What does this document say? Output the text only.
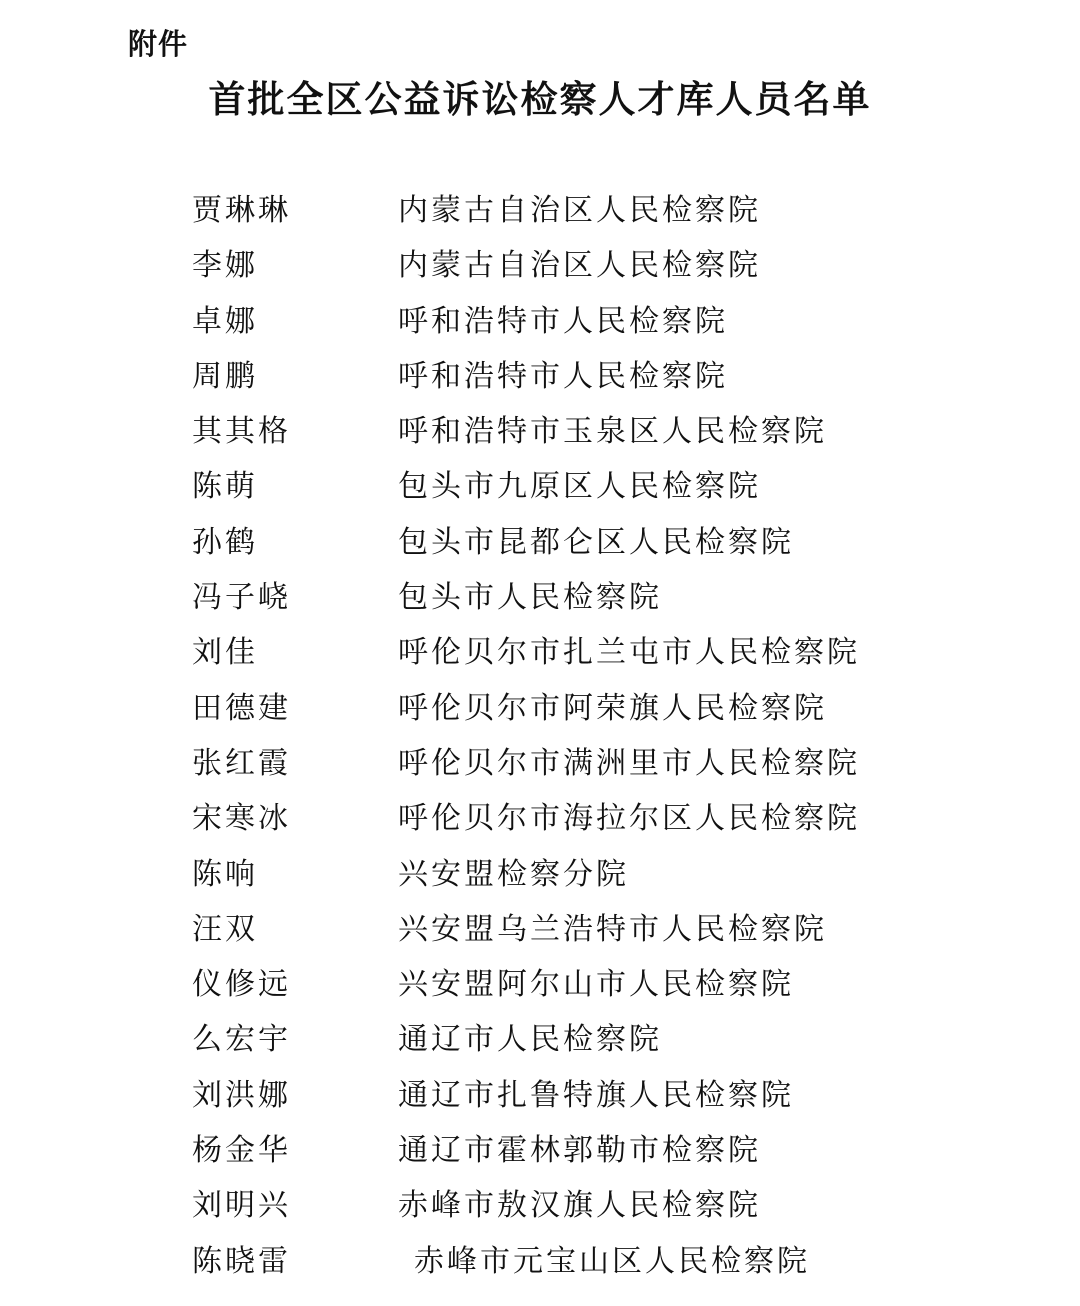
附件
首批全区公益诉讼检察人才库人员名单
贾琳琳	内蒙古自治区人民检察院
李娜	内蒙古自治区人民检察院
卓娜	呼和浩特市人民检察院
周鹏	呼和浩特市人民检察院
其其格	呼和浩特市玉泉区人民检察院
陈萌	包头市九原区人民检察院
孙鹤	包头市昆都仑区人民检察院
冯子峣	包头市人民检察院
刘佳	呼伦贝尔市扎兰屯市人民检察院
田德建	呼伦贝尔市阿荣旗人民检察院
张红霞	呼伦贝尔市满洲里市人民检察院
宋寒冰	呼伦贝尔市海拉尔区人民检察院
陈响	兴安盟检察分院
汪双	兴安盟乌兰浩特市人民检察院
仪修远	兴安盟阿尔山市人民检察院
么宏宇	通辽市人民检察院
刘洪娜	通辽市扎鲁特旗人民检察院
杨金华	通辽市霍林郭勒市检察院
刘明兴	赤峰市敖汉旗人民检察院
陈晓雷	赤峰市元宝山区人民检察院
